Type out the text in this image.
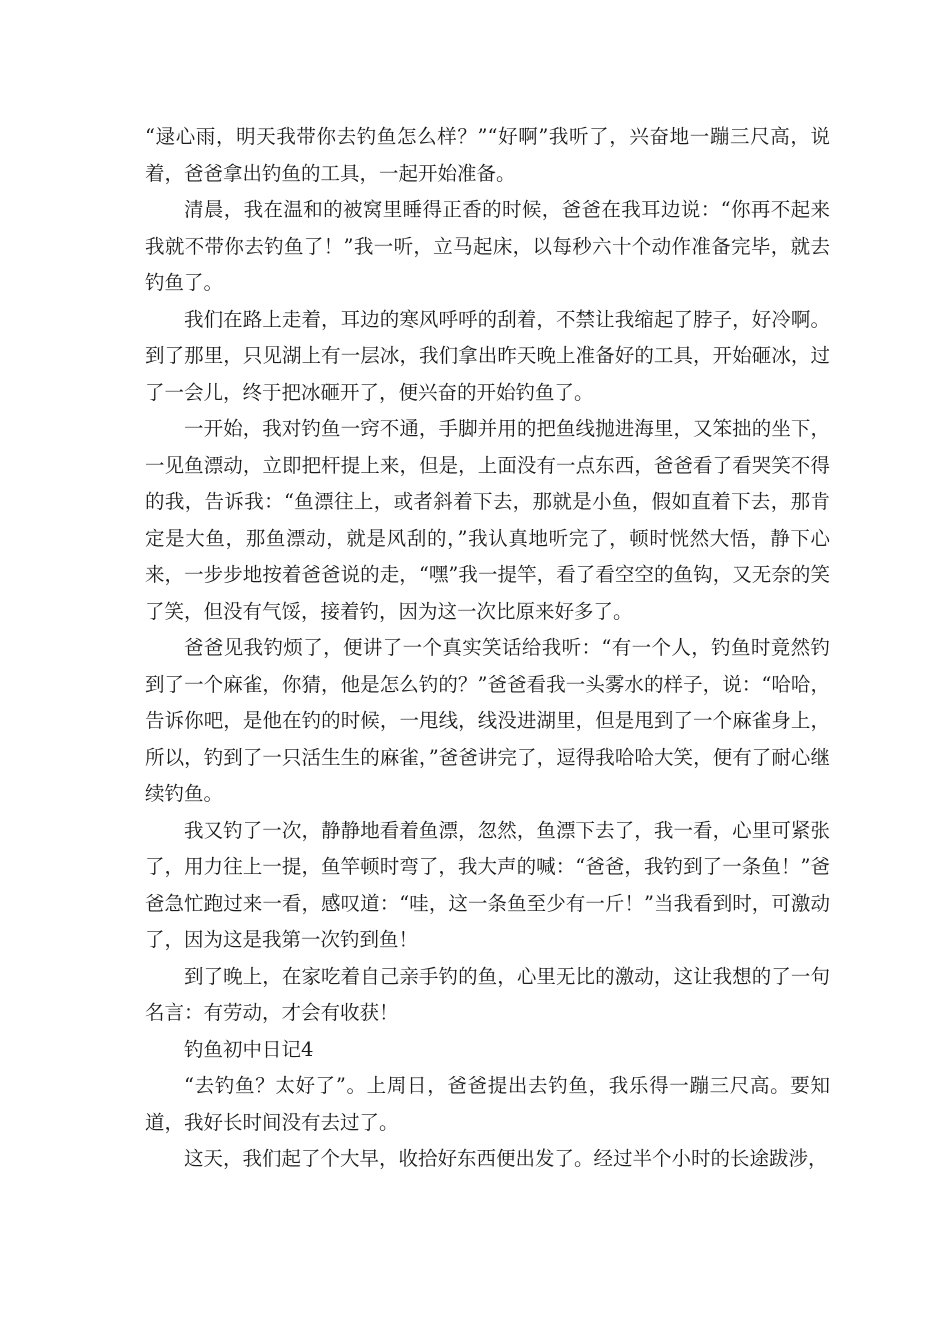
“逯心雨，明天我带你去钓鱼怎么样？”“好啊”我听了，兴奋地一蹦三尺高，说着，爸爸拿出钓鱼的工具，一起开始准备。

清晨，我在温和的被窝里睡得正香的时候，爸爸在我耳边说：“你再不起来我就不带你去钓鱼了！”我一听，立马起床，以每秒六十个动作准备完毕，就去钓鱼了。

我们在路上走着，耳边的寒风呼呼的刮着，不禁让我缩起了脖子，好冷啊。到了那里，只见湖上有一层冰，我们拿出昨天晚上准备好的工具，开始砸冰，过了一会儿，终于把冰砸开了，便兴奋的开始钓鱼了。

一开始，我对钓鱼一窍不通，手脚并用的把鱼线抛进海里，又笨拙的坐下，一见鱼漂动，立即把杆提上来，但是，上面没有一点东西，爸爸看了看哭笑不得的我，告诉我：“鱼漂往上，或者斜着下去，那就是小鱼，假如直着下去，那肯定是大鱼，那鱼漂动，就是风刮的，”我认真地听完了，顿时恍然大悟，静下心来，一步步地按着爸爸说的走，“嘿”我一提竿，看了看空空的鱼钩，又无奈的笑了笑，但没有气馁，接着钓，因为这一次比原来好多了。

爸爸见我钓烦了，便讲了一个真实笑话给我听：“有一个人，钓鱼时竟然钓到了一个麻雀，你猜，他是怎么钓的？”爸爸看我一头雾水的样子，说：“哈哈，告诉你吧，是他在钓的时候，一甩线，线没进湖里，但是甩到了一个麻雀身上，所以，钓到了一只活生生的麻雀，”爸爸讲完了，逗得我哈哈大笑，便有了耐心继续钓鱼。

我又钓了一次，静静地看着鱼漂，忽然，鱼漂下去了，我一看，心里可紧张了，用力往上一提，鱼竿顿时弯了，我大声的喊：“爸爸，我钓到了一条鱼！”爸爸急忙跑过来一看，感叹道：“哇，这一条鱼至少有一斤！”当我看到时，可激动了，因为这是我第一次钓到鱼！

到了晚上，在家吃着自己亲手钓的鱼，心里无比的激动，这让我想的了一句名言：有劳动，才会有收获！

钓鱼初中日记4

“去钓鱼？太好了”。上周日，爸爸提出去钓鱼，我乐得一蹦三尺高。要知道，我好长时间没有去过了。

这天，我们起了个大早，收拾好东西便出发了。经过半个小时的长途跋涉，
